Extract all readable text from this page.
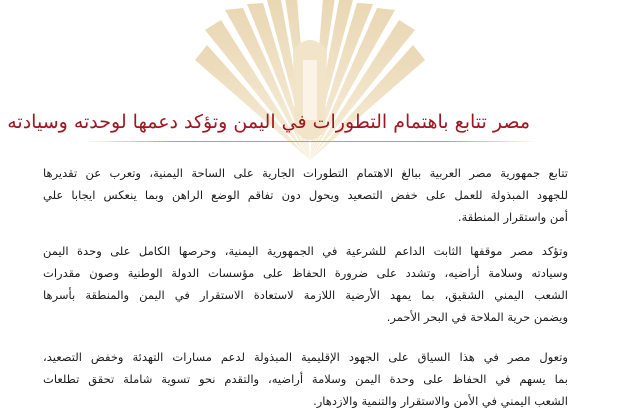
مصر تتابع باهتمام التطورات في اليمن وتؤكد دعمها لوحدته وسيادته
تتابع جمهورية مصر العربية ببالغ الاهتمام التطورات الجارية على الساحة اليمنية، وتعرب عن تقديرها
للجهود المبذولة للعمل على خفض التصعيد ويحول دون تفاقم الوضع الراهن وبما ينعكس ايجابا علي
أمن واستقرار المنطقة.
وتؤكد مصر موقفها الثابت الداعم للشرعية في الجمهورية اليمنية، وحرصها الكامل على وحدة اليمن
وسيادته وسلامة أراضيه، وتشدد على ضرورة الحفاظ على مؤسسات الدولة الوطنية وصون مقدرات
الشعب اليمني الشقيق، بما يمهد الأرضية اللازمة لاستعادة الاستقرار في اليمن والمنطقة بأسرها
ويضمن حرية الملاحة في البحر الأحمر.
وتعول مصر في هذا السياق على الجهود الإقليمية المبذولة لدعم مسارات التهدئة وخفض التصعيد،
بما يسهم في الحفاظ على وحدة اليمن وسلامة أراضيه، والتقدم نحو تسوية شاملة تحقق تطلعات
الشعب اليمني في الأمن والاستقرار والتنمية والازدهار.
